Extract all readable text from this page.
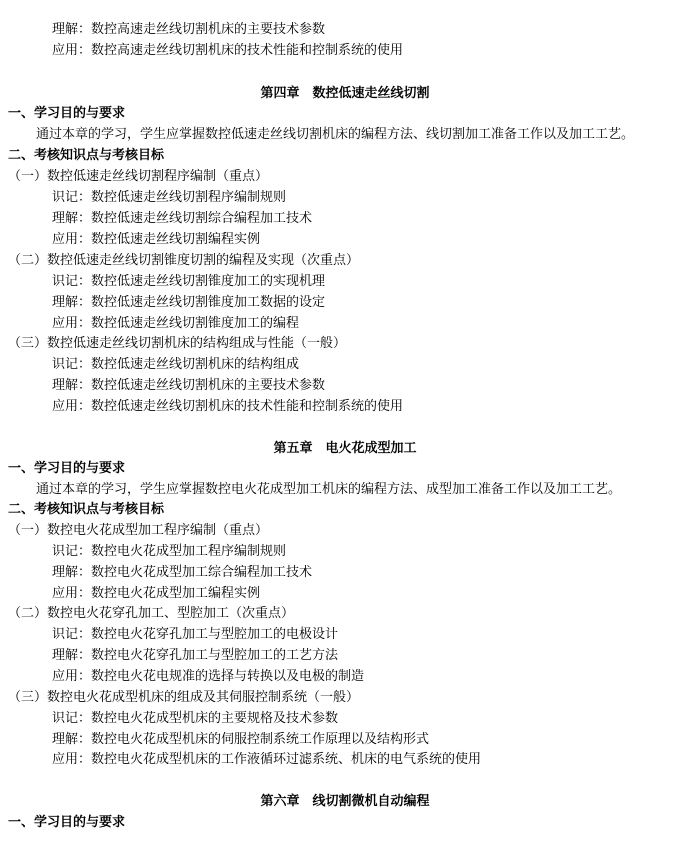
理解：数控高速走丝线切割机床的主要技术参数
应用：数控高速走丝线切割机床的技术性能和控制系统的使用
第四章　数控低速走丝线切割
一、学习目的与要求
通过本章的学习，学生应掌握数控低速走丝线切割机床的编程方法、线切割加工准备工作以及加工工艺。
二、考核知识点与考核目标
（一）数控低速走丝线切割程序编制（重点）
识记：数控低速走丝线切割程序编制规则
理解：数控低速走丝线切割综合编程加工技术
应用：数控低速走丝线切割编程实例
（二）数控低速走丝线切割锥度切割的编程及实现（次重点）
识记：数控低速走丝线切割锥度加工的实现机理
理解：数控低速走丝线切割锥度加工数据的设定
应用：数控低速走丝线切割锥度加工的编程
（三）数控低速走丝线切割机床的结构组成与性能（一般）
识记：数控低速走丝线切割机床的结构组成
理解：数控低速走丝线切割机床的主要技术参数
应用：数控低速走丝线切割机床的技术性能和控制系统的使用
第五章　电火花成型加工
一、学习目的与要求
通过本章的学习，学生应掌握数控电火花成型加工机床的编程方法、成型加工准备工作以及加工工艺。
二、考核知识点与考核目标
（一）数控电火花成型加工程序编制（重点）
识记：数控电火花成型加工程序编制规则
理解：数控电火花成型加工综合编程加工技术
应用：数控电火花成型加工编程实例
（二）数控电火花穿孔加工、型腔加工（次重点）
识记：数控电火花穿孔加工与型腔加工的电极设计
理解：数控电火花穿孔加工与型腔加工的工艺方法
应用：数控电火花电规准的选择与转换以及电极的制造
（三）数控电火花成型机床的组成及其伺服控制系统（一般）
识记：数控电火花成型机床的主要规格及技术参数
理解：数控电火花成型机床的伺服控制系统工作原理以及结构形式
应用：数控电火花成型机床的工作液循环过滤系统、机床的电气系统的使用
第六章　线切割微机自动编程
一、学习目的与要求
